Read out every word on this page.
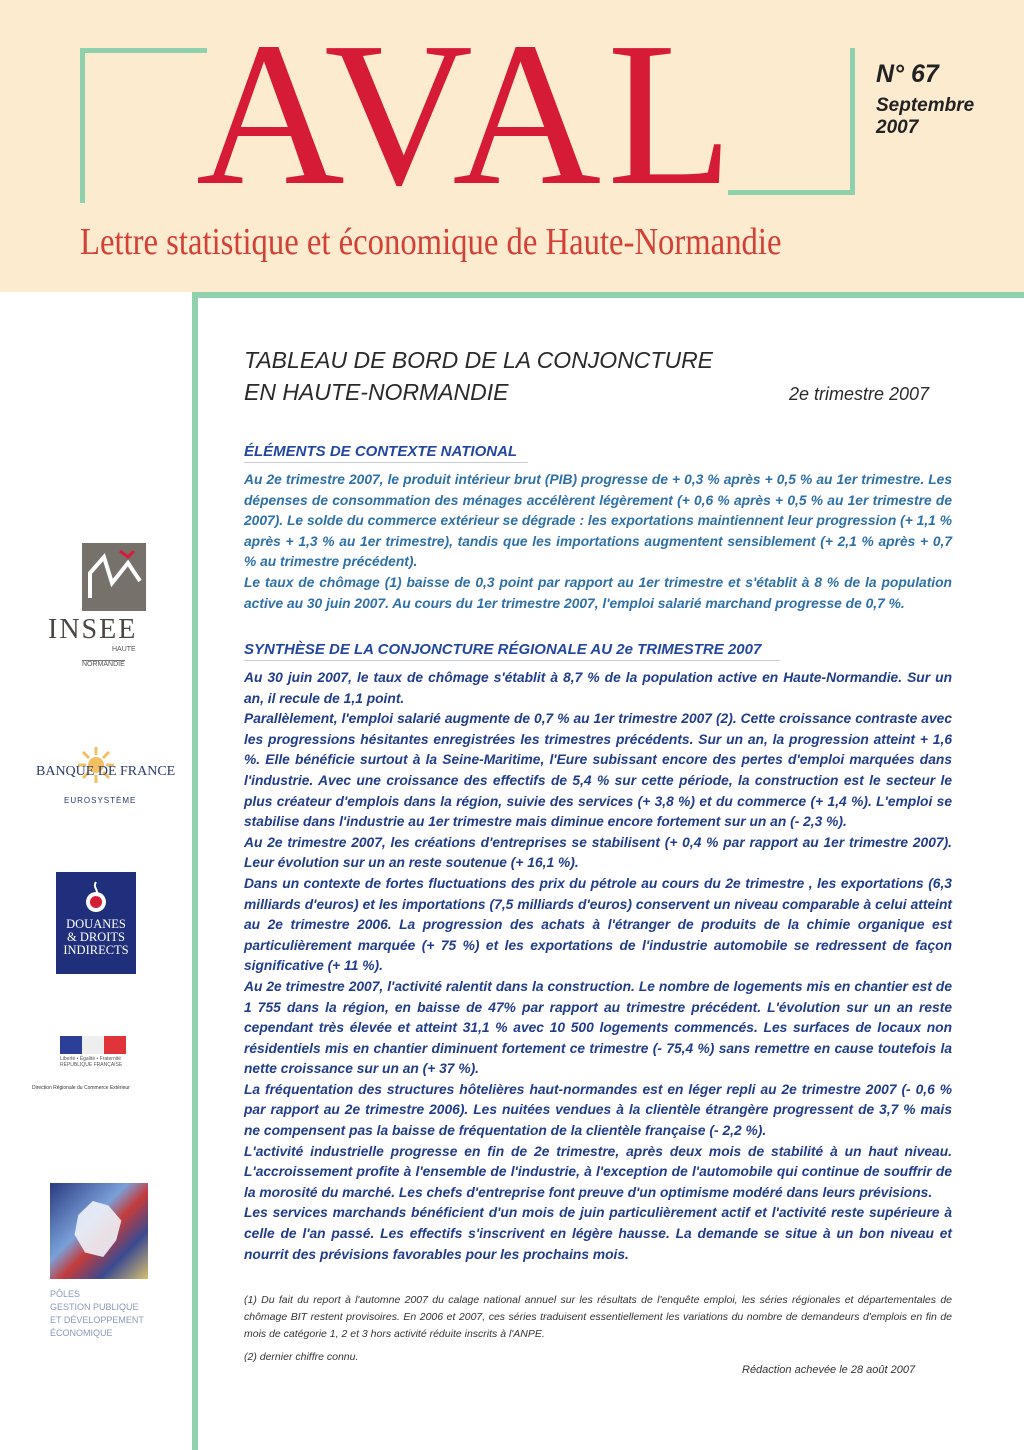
AVAL
Lettre statistique et économique de Haute-Normandie

N° 67

Septembre
2007

INSEE
HAUTE
NORMANDIE
BANQUE DE FRANCE
EUROSYSTÈME
DOUANES
& DROITS
INDIRECTS
Liberté • Égalité • Fraternité
RÉPUBLIQUE FRANÇAISE
Direction Régionale du Commerce Extérieur
PÔLES
GESTION PUBLIQUE
ET DÉVELOPPEMENT
ÉCONOMIQUE
TABLEAU DE BORD DE LA CONJONCTURE
EN HAUTE-NORMANDIE	2e trimestre 2007
ÉLÉMENTS DE CONTEXTE NATIONAL

Au 2e trimestre 2007, le produit intérieur brut (PIB) progresse de + 0,3 % après + 0,5 % au 1er trimestre. Les dépenses de consommation des ménages accélèrent légèrement (+ 0,6 % après + 0,5 % au 1er trimestre de 2007). Le solde du commerce extérieur se dégrade : les exportations maintiennent leur progression (+ 1,1 % après + 1,3 % au 1er trimestre), tandis que les importations augmentent sensiblement (+ 2,1 % après + 0,7 % au trimestre précédent).

Le taux de chômage (1) baisse de 0,3 point par rapport au 1er trimestre et s'établit à 8 % de la population active au 30 juin 2007. Au cours du 1er trimestre 2007, l'emploi salarié marchand progresse de 0,7 %.

SYNTHÈSE DE LA CONJONCTURE RÉGIONALE AU 2e TRIMESTRE 2007

Au 30 juin 2007, le taux de chômage s'établit à 8,7 % de la population active en Haute-Normandie. Sur un an, il recule de 1,1 point.

Parallèlement, l'emploi salarié augmente de 0,7 % au 1er trimestre 2007 (2). Cette croissance contraste avec les progressions hésitantes enregistrées les trimestres précédents. Sur un an, la progression atteint + 1,6 %. Elle bénéficie surtout à la Seine-Maritime, l'Eure subissant encore des pertes d'emploi marquées dans l'industrie. Avec une croissance des effectifs de 5,4 % sur cette période, la construction est le secteur le plus créateur d'emplois dans la région, suivie des services (+ 3,8 %) et du commerce (+ 1,4 %). L'emploi se stabilise dans l'industrie au 1er trimestre mais diminue encore fortement sur un an (- 2,3 %).

Au 2e trimestre 2007, les créations d'entreprises se stabilisent (+ 0,4 % par rapport au 1er trimestre 2007). Leur évolution sur un an reste soutenue (+ 16,1 %).

Dans un contexte de fortes fluctuations des prix du pétrole au cours du 2e trimestre , les exportations (6,3 milliards d'euros) et les importations (7,5 milliards d'euros) conservent un niveau comparable à celui atteint au 2e trimestre 2006. La progression des achats à l'étranger de produits de la chimie organique est particulièrement marquée (+ 75 %) et les exportations de l'industrie automobile se redressent de façon significative (+ 11 %).

Au 2e trimestre 2007, l'activité ralentit dans la construction. Le nombre de logements mis en chantier est de 1 755 dans la région, en baisse de 47% par rapport au trimestre précédent. L'évolution sur un an reste cependant très élevée et atteint 31,1 % avec 10 500 logements commencés. Les surfaces de locaux non résidentiels mis en chantier diminuent fortement ce trimestre (- 75,4 %) sans remettre en cause toutefois la nette croissance sur un an (+ 37 %).

La fréquentation des structures hôtelières haut-normandes est en léger repli au 2e trimestre 2007 (- 0,6 % par rapport au 2e trimestre 2006). Les nuitées vendues à la clientèle étrangère progressent de 3,7 % mais ne compensent pas la baisse de fréquentation de la clientèle française (- 2,2 %).

L'activité industrielle progresse en fin de 2e trimestre, après deux mois de stabilité à un haut niveau. L'accroissement profite à l'ensemble de l'industrie, à l'exception de l'automobile qui continue de souffrir de la morosité du marché. Les chefs d'entreprise font preuve d'un optimisme modéré dans leurs prévisions.

Les services marchands bénéficient d'un mois de juin particulièrement actif et l'activité reste supérieure à celle de l'an passé. Les effectifs s'inscrivent en légère hausse. La demande se situe à un bon niveau et nourrit des prévisions favorables pour les prochains mois.

(1) Du fait du report à l'automne 2007 du calage national annuel sur les résultats de l'enquête emploi, les séries régionales et départementales de chômage BIT restent provisoires. En 2006 et 2007, ces séries traduisent essentiellement les variations du nombre de demandeurs d'emplois en fin de mois de catégorie 1, 2 et 3 hors activité réduite inscrits à l'ANPE.

(2) dernier chiffre connu.

Rédaction achevée le 28 août 2007
